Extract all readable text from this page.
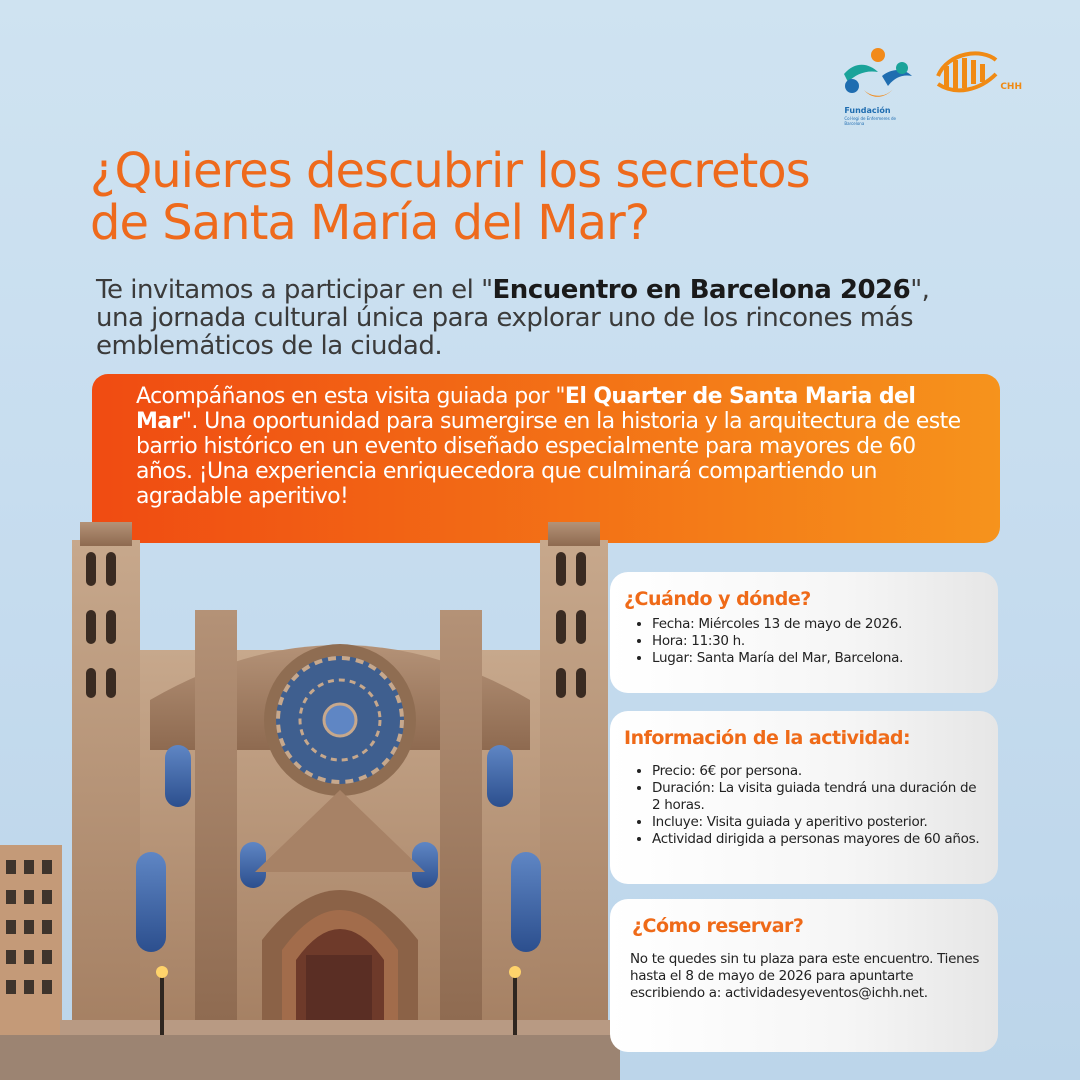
Fundación
Col·legi de Enfermeres de Barcelona
CHH
¿Quieres descubrir los secretos
de Santa María del Mar?

Te invitamos a participar en el "Encuentro en Barcelona 2026", una jornada cultural única para explorar uno de los rincones más emblemáticos de la ciudad.

Acompáñanos en esta visita guiada por "El Quarter de Santa Maria del Mar". Una oportunidad para sumergirse en la historia y la arquitectura de este barrio histórico en un evento diseñado especialmente para mayores de 60 años. ¡Una experiencia enriquecedora que culminará compartiendo un agradable aperitivo!
¿Cuándo y dónde?
• Fecha: Miércoles 13 de mayo de 2026.
• Hora: 11:30 h.
• Lugar: Santa María del Mar, Barcelona.
Información de la actividad:
• Precio: 6€ por persona.
• Duración: La visita guiada tendrá una duración de 2 horas.
• Incluye: Visita guiada y aperitivo posterior.
• Actividad dirigida a personas mayores de 60 años.
¿Cómo reservar?

No te quedes sin tu plaza para este encuentro. Tienes hasta el 8 de mayo de 2026 para apuntarte escribiendo a: actividadesyeventos@ichh.net.
